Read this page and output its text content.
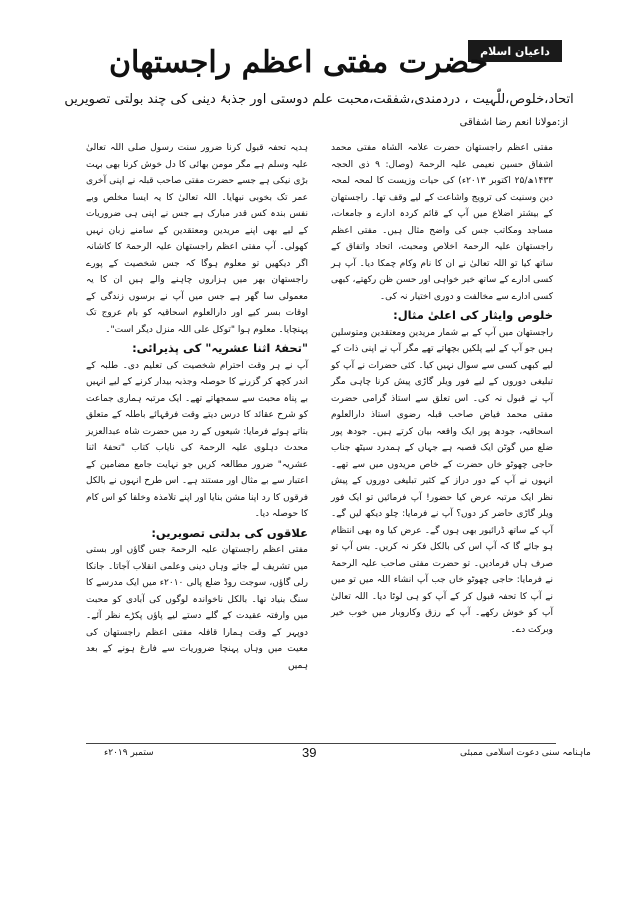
داعیان اسلام
حضرت مفتی اعظم راجستھان
اتحاد،خلوص،للّٰہیت ، دردمندی،شفقت،محبت علم دوستی اور جذبۂ دینی کی چند بولتی تصویریں
از:مولانا انعم رضا اشفاقی

مفتی اعظم راجستھان حضرت علامہ الشاہ مفتی محمد اشفاق حسین نعیمی علیہ الرحمۃ (وصال: ۹ ذی الحجہ ۱۴۳۳ھ/۲۵ اکتوبر ۲۰۱۳ء) کی حیات وزیست کا لمحہ لمحہ دین وسنیت کی ترویج واشاعت کے لیے وقف تھا۔ راجستھان کے بیشتر اضلاع میں آپ کے قائم کردہ ادارے و جامعات، مساجد ومکاتب جس کی واضح مثال ہیں۔ مفتی اعظم راجستھان علیہ الرحمۃ اخلاص ومحبت، اتحاد واتفاق کے ساتھ کیا تو اللہ تعالیٰ نے ان کا نام وکام چمکا دیا۔ آپ ہر کسی ادارے کے ساتھ خیر خواہی اور حسن ظن رکھتے، کبھی کسی ادارے سے مخالفت و دوری اختیار نہ کی۔

خلوص وایثار کی اعلیٰ مثال:

راجستھان میں آپ کے بے شمار مریدین ومعتقدین ومتوسلین ہیں جو آپ کے لیے پلکیں بچھاتے تھے مگر آپ نے اپنی ذات کے لیے کبھی کسی سے سوال نہیں کیا۔ کئی حضرات نے آپ کو تبلیغی دوروں کے لیے فور ویلر گاڑی پیش کرنا چاہی مگر آپ نے قبول نہ کی۔ اس تعلق سے استاذ گرامی حضرت مفتی محمد فیاض صاحب قبلہ رضوی استاذ دارالعلوم اسحاقیہ، جودھ پور ایک واقعہ بیان کرتے ہیں۔ جودھ پور ضلع میں گوٹن ایک قصبہ ہے جہاں کے ہمدرد سیٹھ جناب حاجی چھوٹو خاں حضرت کے خاص مریدوں میں سے تھے۔ انہوں نے آپ کے دور دراز کے کثیر تبلیغی دوروں کے پیش نظر ایک مرتبہ عرض کیا حضور! آپ فرمائیں تو ایک فور ویلر گاڑی حاضر کر دوں؟ آپ نے فرمایا: چلو دیکھ لیں گے۔ آپ کے ساتھ ڈرائیور بھی ہوں گے۔ عرض کیا وہ بھی انتظام ہو جائے گا کہ آپ اس کی بالکل فکر نہ کریں۔ بس آپ تو صرف ہاں فرمادیں۔ تو حضرت مفتی صاحب علیہ الرحمۃ نے فرمایا: حاجی چھوٹو خاں جب آپ انشاء اللہ میں تو میں نے آپ کا تحفہ قبول کر کے آپ کو ہی لوٹا دیا۔ اللہ تعالیٰ آپ کو خوش رکھے۔ آپ کے رزق وکاروبار میں خوب خیر وبرکت دے۔

ہدیہ تحفہ قبول کرنا ضرور سنت رسول صلی اللہ تعالیٰ علیہ وسلم ہے مگر مومن بھائی کا دل خوش کرنا بھی بہت بڑی نیکی ہے جسے حضرت مفتی صاحب قبلہ نے اپنی آخری عمر تک بخوبی نبھایا۔ اللہ تعالیٰ کا یہ ایسا مخلص وبے نفس بندہ کس قدر مبارک ہے جس نے اپنی ہی ضروریات کے لیے بھی اپنے مریدین ومعتقدین کے سامنے زبان نہیں کھولی۔ آپ مفتی اعظم راجستھان علیہ الرحمۃ کا کاشانہ اگر دیکھیں تو معلوم ہوگا کہ جس شخصیت کے پورے راجستھان بھر میں ہزاروں چاہنے والے ہیں ان کا یہ معمولی سا گھر ہے جس میں آپ نے برسوں زندگی کے اوقات بسر کیے اور دارالعلوم اسحاقیہ کو بام عروج تک پہنچایا۔ معلوم ہوا "توکل علی اللہ منزل دیگر است"۔

"تحفۂ اثنا عشریہ" کی پذیرائی:

آپ نے ہر وقت احترام شخصیت کی تعلیم دی۔ طلبہ کے اندر کچھ کر گزرنے کا حوصلہ وجذبہ بیدار کرنے کے لیے انہیں بے پناہ محبت سے سمجھاتے تھے۔ ایک مرتبہ ہماری جماعت کو شرح عقائد کا درس دیتے وقت فرقہائے باطلہ کے متعلق بتاتے ہوئے فرمایا: شیعوں کے رد میں حضرت شاہ عبدالعزیز محدث دہلوی علیہ الرحمۃ کی نایاب کتاب "تحفۂ اثنا عشریہ" ضرور مطالعہ کریں جو نہایت جامع مضامین کے اعتبار سے بے مثال اور مستند ہے۔ اس طرح انہوں نے بالکل فرقوں کا رد اپنا مشن بنایا اور اپنے تلامذہ وخلفا کو اس کام کا حوصلہ دیا۔

علاقوں کی بدلتی تصویریں:

مفتی اعظم راجستھان علیہ الرحمۃ جس گاؤں اور بستی میں تشریف لے جاتے وہاں دینی وعلمی انقلاب آجاتا۔ جانکا رلی گاؤں، سوجت روڈ ضلع پالی ۲۰۱۰ء میں ایک مدرسے کا سنگ بنیاد تھا۔ بالکل ناخواندہ لوگوں کی آبادی کو محبت میں وارفتہ عقیدت کے گلے دستے لیے پاؤں پکڑے نظر آئے۔ دوپہر کے وقت ہمارا قافلہ مفتی اعظم راجستھان کی معیت میں وہاں پہنچا ضروریات سے فارغ ہونے کے بعد ہمیں

ماہنامہ سنی دعوت اسلامی ممبئی
39
ستمبر ۲۰۱۹ء
